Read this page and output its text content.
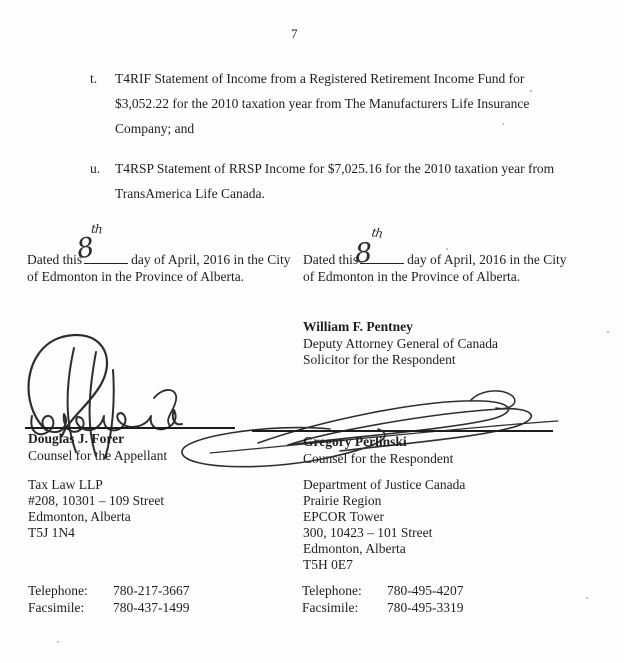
7
t.	T4RIF Statement of Income from a Registered Retirement Income Fund for
$3,052.22 for the 2010 taxation year from The Manufacturers Life Insurance
Company; and
u.	T4RSP Statement of RRSP Income for $7,025.16 for the 2010 taxation year from
TransAmerica Life Canada.
Dated this	day of April, 2016 in the City
of Edmonton in the Province of Alberta.
8
th
Dated this	day of April, 2016 in the City
of Edmonton in the Province of Alberta.
8
th
William F. Pentney
Deputy Attorney General of Canada
Solicitor for the Respondent
Douglas J. Forer
Counsel for the Appellant
Gregory Perlinski
Counsel for the Respondent
Tax Law LLP
#208, 10301 – 109 Street
Edmonton, Alberta
T5J 1N4
Department of Justice Canada
Prairie Region
EPCOR Tower
300, 10423 – 101 Street
Edmonton, Alberta
T5H 0E7
Telephone:	780-217-3667
Facsimile:	780-437-1499
Telephone:	780-495-4207
Facsimile:	780-495-3319
